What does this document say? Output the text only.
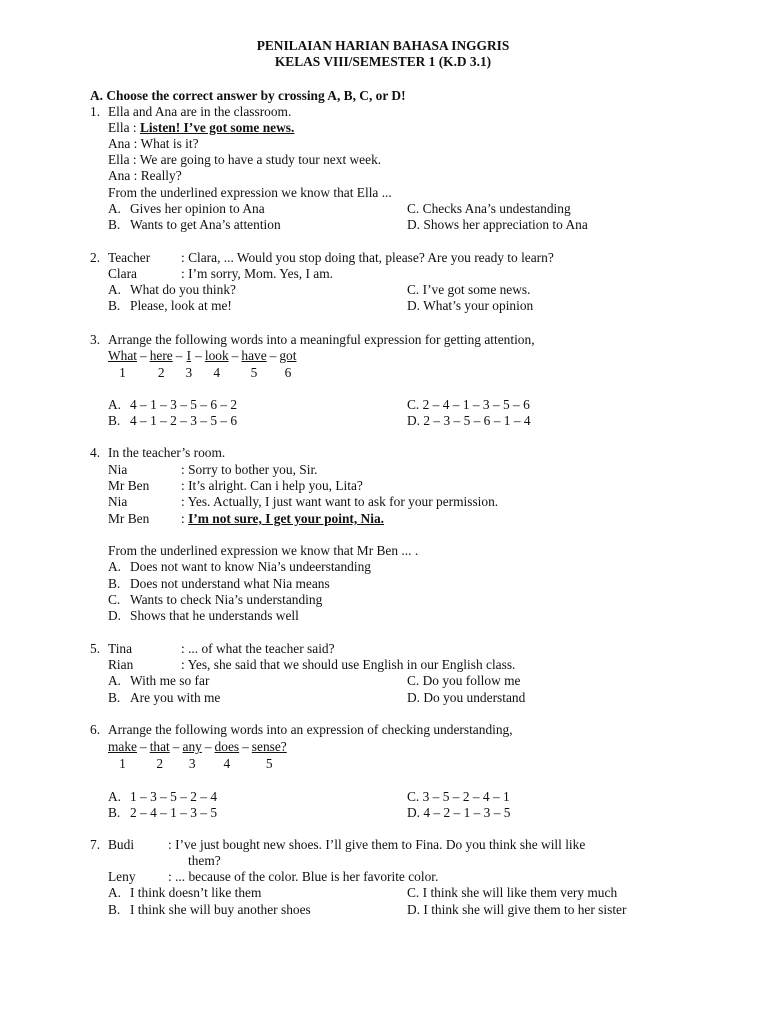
PENILAIAN HARIAN BAHASA INGGRIS
KELAS VIII/SEMESTER 1 (K.D 3.1)
A. Choose the correct answer by crossing A, B, C, or D!
1. Ella and Ana are in the classroom.
Ella : Listen! I’ve got some news.
Ana : What is it?
Ella : We are going to have a study tour next week.
Ana : Really?
From the underlined expression we know that Ella ...
A. Gives her opinion to Ana
B. Wants to get Ana’s attention
C. Checks Ana’s undestanding
D. Shows her appreciation to Ana
2. Teacher : Clara, ... Would you stop doing that, please? Are you ready to learn?
Clara	: I’m sorry, Mom. Yes, I am.
A. What do you think?
B. Please, look at me!
C. I’ve got some news.
D. What’s your opinion
3. Arrange the following words into a meaningful expression for getting attention,
What
1
– here
2
– I
3
– look
4
– have
5
– got
6
A. 4 – 1 – 3 – 5 – 6 – 2
B. 4 – 1 – 2 – 3 – 5 – 6
C. 2 – 4 – 1 – 3 – 5 – 6
D. 2 – 3 – 5 – 6 – 1 – 4
4. In the teacher’s room.
Nia	: Sorry to bother you, Sir.
Mr Ben : It’s alright. Can i help you, Lita?
Nia	: Yes. Actually, I just want want to ask for your permission.
Mr Ben : I’m not sure, I get your point, Nia.
From the underlined expression we know that Mr Ben ... .
A. Does not want to know Nia’s undeerstanding
B. Does not understand what Nia means
C. Wants to check Nia’s understanding
D. Shows that he understands well
5. Tina	: ... of what the teacher said?
Rian	: Yes, she said that we should use English in our English class.
A. With me so far
B. Are you with me
C. Do you follow me
D. Do you understand
6. Arrange the following words into an expression of checking understanding,
make
1
– that
2
– any
3
– does
4
– sense?
5
A. 1 – 3 – 5 – 2 – 4
B. 2 – 4 – 1 – 3 – 5
C. 3 – 5 – 2 – 4 – 1
D. 4 – 2 – 1 – 3 – 5
7. Budi	: I’ve just bought new shoes. I’ll give them to Fina. Do you think she will like
them?
Leny : ... because of the color. Blue is her favorite color.
A. I think doesn’t like them
B. I think she will buy another shoes
C. I think she will like them very much
D. I think she will give them to her sister
